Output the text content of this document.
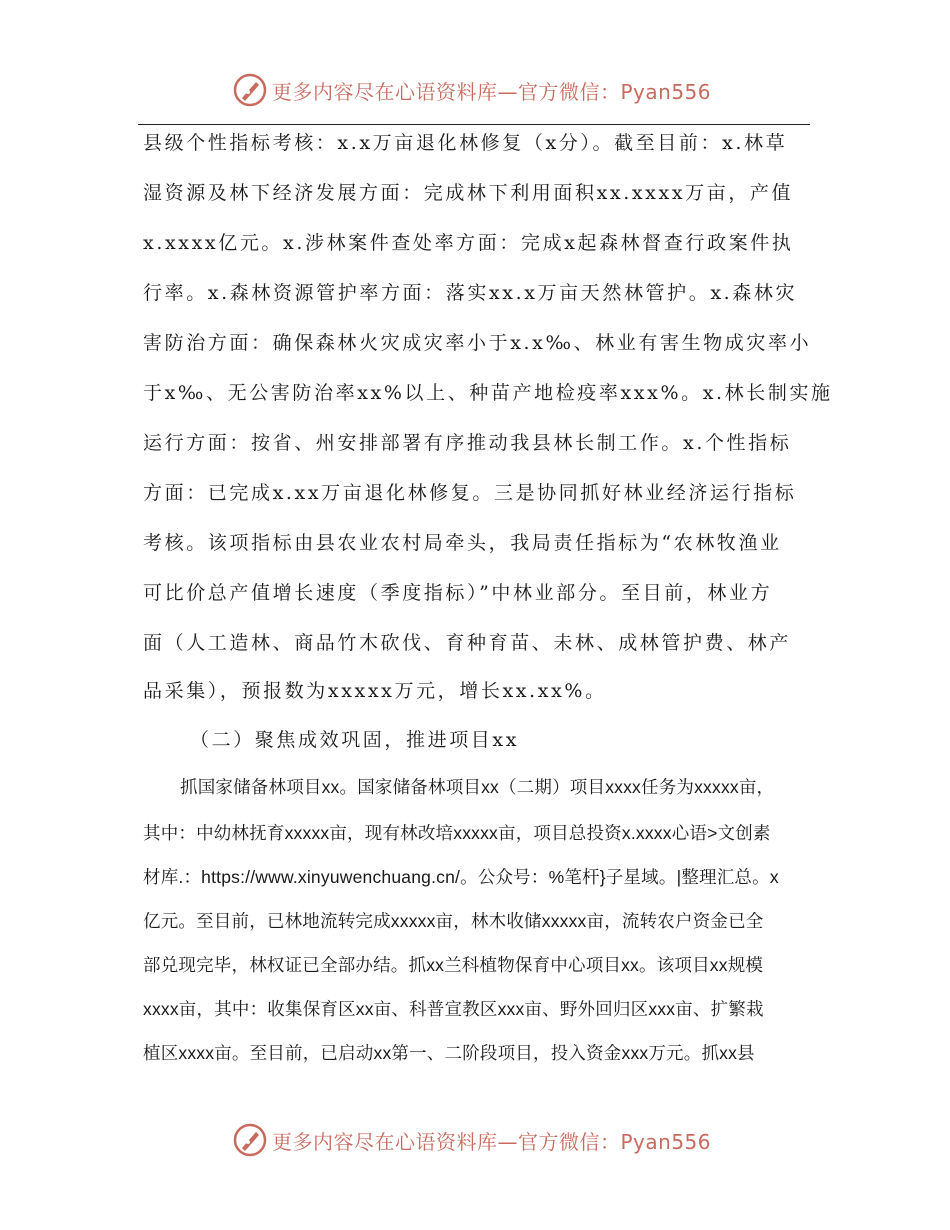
更多内容尽在心语资料库—官方微信：Pyan556
县级个性指标考核：x.x万亩退化林修复（x分）。截至目前：x.林草
湿资源及林下经济发展方面：完成林下利用面积xx.xxxx万亩，产值
x.xxxx亿元。x.涉林案件查处率方面：完成x起森林督查行政案件执
行率。x.森林资源管护率方面：落实xx.x万亩天然林管护。x.森林灾
害防治方面：确保森林火灾成灾率小于x.x‰、林业有害生物成灾率小
于x‰、无公害防治率xx%以上、种苗产地检疫率xxx%。x.林长制实施
运行方面：按省、州安排部署有序推动我县林长制工作。x.个性指标
方面：已完成x.xx万亩退化林修复。三是协同抓好林业经济运行指标
考核。该项指标由县农业农村局牵头，我局责任指标为“农林牧渔业
可比价总产值增长速度（季度指标）”中林业部分。至目前，林业方
面（人工造林、商品竹木砍伐、育种育苗、未林、成林管护费、林产
品采集），预报数为xxxxx万元，增长xx.xx%。
（二）聚焦成效巩固，推进项目xx
抓国家储备林项目xx。国家储备林项目xx（二期）项目xxxx任务为xxxxx亩，
其中：中幼林抚育xxxxx亩，现有林改培xxxxx亩，项目总投资x.xxxx心语>文创素
材库.：https://www.xinyuwenchuang.cn/。公众号：%笔杆}子星域。|整理汇总。x
亿元。至目前，已林地流转完成xxxxx亩，林木收储xxxxx亩，流转农户资金已全
部兑现完毕，林权证已全部办结。抓xx兰科植物保育中心项目xx。该项目xx规模
xxxx亩，其中：收集保育区xx亩、科普宣教区xxx亩、野外回归区xxx亩、扩繁栽
植区xxxx亩。至目前，已启动xx第一、二阶段项目，投入资金xxx万元。抓xx县
更多内容尽在心语资料库—官方微信：Pyan556
